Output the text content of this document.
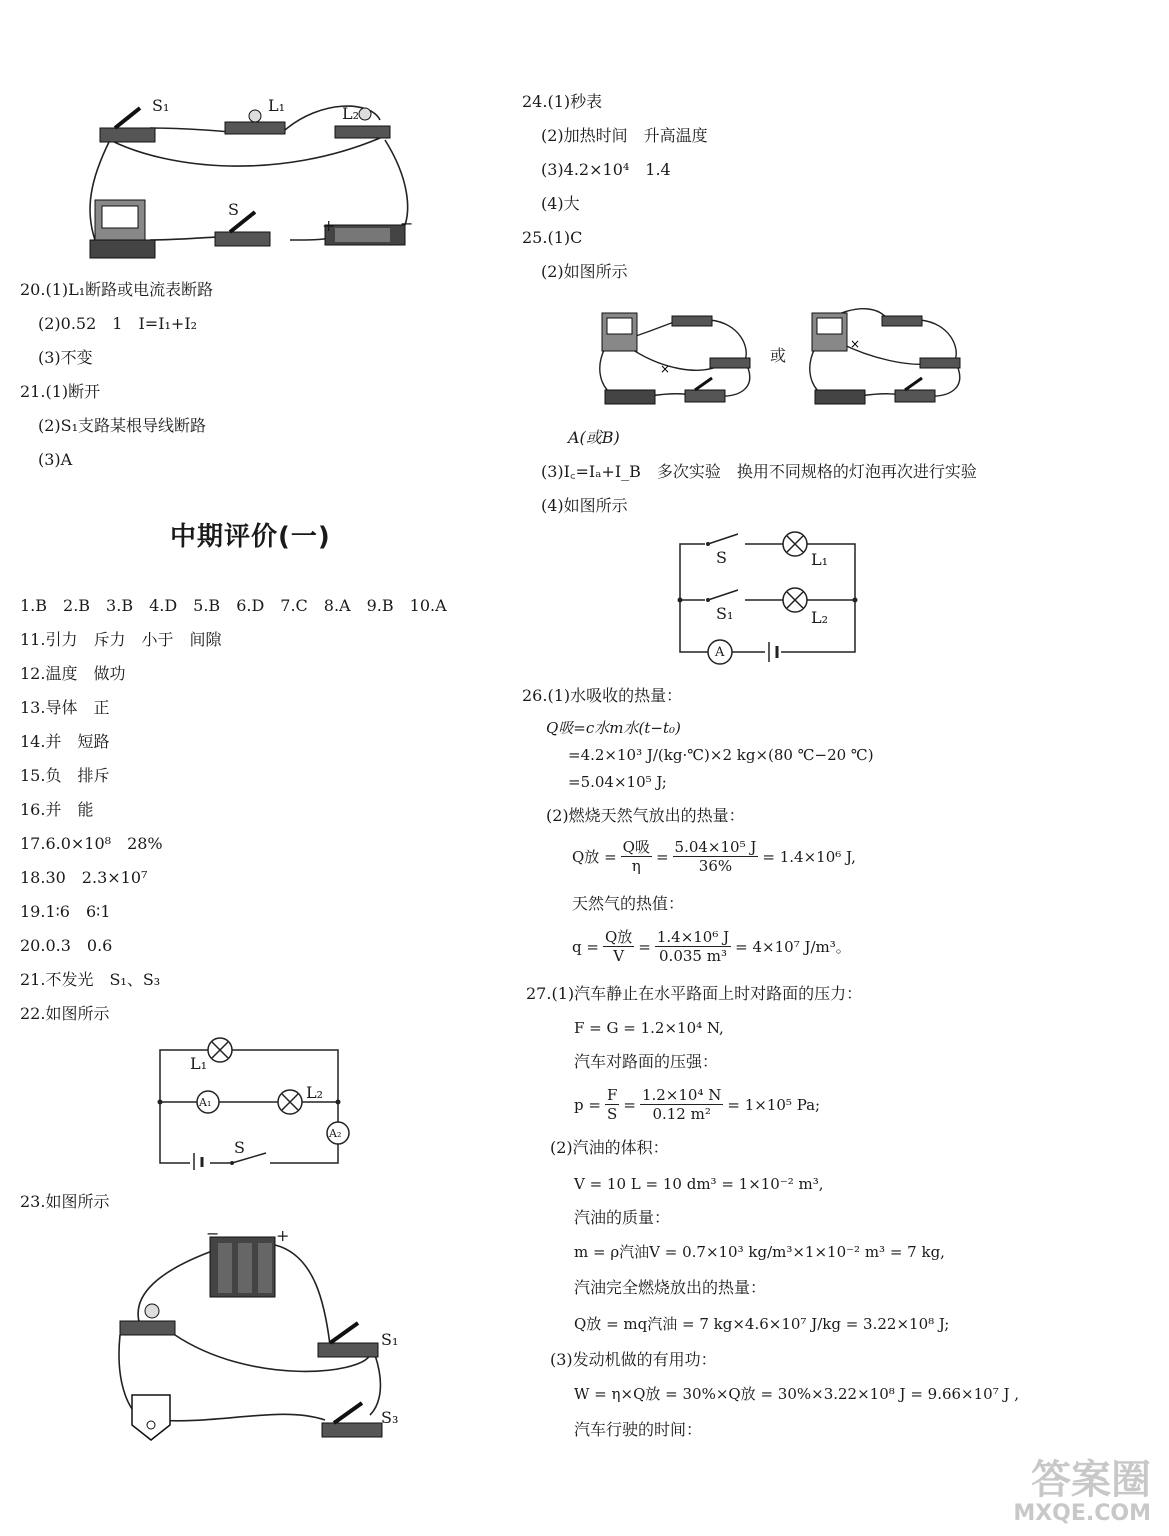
S₁	L₁	L₂
S
+	−
20.(1)L₁断路或电流表断路
(2)0.52　1　I=I₁+I₂
(3)不变
21.(1)断开
(2)S₁支路某根导线断路
(3)A
中期评价(一)
1.B　2.B　3.B　4.D　5.B　6.D　7.C　8.A　9.B　10.A
11.引力　斥力　小于　间隙
12.温度　做功
13.导体　正
14.并　短路
15.负　排斥
16.并　能
17.6.0×10⁸　28%
18.30　2.3×10⁷
19.1∶6　6∶1
20.0.3　0.6
21.不发光　S₁、S₃
22.如图所示
L₁
A₁
L₂
A₂
S
23.如图所示
−	+
S₁
S₃
24.(1)秒表
(2)加热时间　升高温度
(3)4.2×10⁴　1.4
(4)大
25.(1)C
(2)如图所示
×
或
×
A(或B)
(3)I꜀=Iₐ+I_B　多次实验　换用不同规格的灯泡再次进行实验
(4)如图所示
S	L₁
S₁	L₂
A
26.(1)水吸收的热量：
Q吸=c水m水(t−t₀)
=4.2×10³ J/(kg·℃)×2 kg×(80 ℃−20 ℃)
=5.04×10⁵ J;
(2)燃烧天然气放出的热量：
Q放 = $\frac{\text{Q吸}}{\eta} = \frac{\text{5.04×10⁵ J}}{36\%} = 1.4\times 10^6$ J,
天然气的热值：
$q = \frac{\text{Q放}}{V} = \frac{\text{1.4×10⁶ J}}{\text{0.035 m³}} = 4\times 10^7$ J/m³。
27.(1)汽车静止在水平路面上时对路面的压力：
F = G = 1.2×10⁴ N,
汽车对路面的压强：
$p = \frac{F}{S} = \frac{\text{1.2×10⁴ N}}{\text{0.12 m²}} = 1\times 10^5$ Pa;
(2)汽油的体积：
V = 10 L = 10 dm³ = 1×10⁻² m³,
汽油的质量：
m = ρ汽油V = 0.7×10³ kg/m³×1×10⁻² m³ = 7 kg,
汽油完全燃烧放出的热量：
Q放 = mq汽油 = 7 kg×4.6×10⁷ J/kg = 3.22×10⁸ J;
(3)发动机做的有用功：
W = η×Q放 = 30%×Q放 = 30%×3.22×10⁸ J = 9.66×10⁷ J ,
汽车行驶的时间：
答案圈
MXQE.COM
